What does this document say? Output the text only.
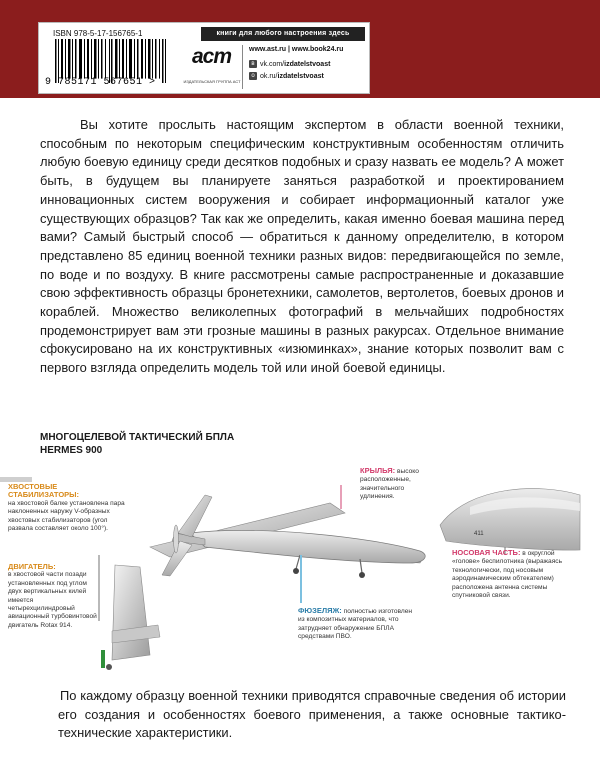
ISBN 978-5-17-156765-1	книги для любого настроения здесь
9 785171 567651 >
аст
ИЗДАТЕЛЬСКАЯ ГРУППА АСТ
www.ast.ru | www.book24.ru
в vk.com/izdatelstvoast
о ok.ru/izdatelstvoast

Вы хотите прослыть настоящим экспертом в области военной техники, способным по некоторым специфическим конструктивным особенностям отличить любую боевую единицу среди десятков подобных и сразу назвать ее модель? А может быть, в будущем вы планируете заняться разработкой и проектированием инновационных систем вооружения и собирает информационный каталог уже существующих образцов? Так как же определить, какая именно боевая машина перед вами? Самый быстрый способ — обратиться к данному определителю, в котором представлено 85 единиц военной техники разных видов: передвигающейся по земле, по воде и по воздуху. В книге рассмотрены самые распространенные и доказавшие свою эффективность образцы бронетехники, самолетов, вертолетов, боевых дронов и кораблей. Множество великолепных фотографий в мельчайших подробностях продемонстрирует вам эти грозные машины в разных ракурсах. Отдельное внимание сфокусировано на их конструктивных «изюминках», знание которых позволит вам с первого взгляда определить модель той или иной боевой единицы.

МНОГОЦЕЛЕВОЙ ТАКТИЧЕСКИЙ БПЛА
HERMES 900
411
ХВОСТОВЫЕ СТАБИЛИЗАТОРЫ:
на хвостовой балке установлена пара наклоненных наружу V-образных хвостовых стабилизаторов (угол развала составляет около 100°).
ДВИГАТЕЛЬ:
в хвостовой части позади установленных под углом двух вертикальных килей имеется четырехцилиндровый авиационный турбовинтовой двигатель Rotax 914.
КРЫЛЬЯ: высоко расположенные, значительного удлинения.
НОСОВАЯ ЧАСТЬ: в округлой «голове» беспилотника (выражаясь технологически, под носовым аэродинамическим обтекателем) расположена антенна системы спутниковой связи.
ФЮЗЕЛЯЖ: полностью изготовлен из композитных материалов, что затрудняет обнаружение БПЛА средствами ПВО.

По каждому образцу военной техники приводятся справочные сведения об истории его создания и особенностях боевого применения, а также основные тактико-технические характеристики.
